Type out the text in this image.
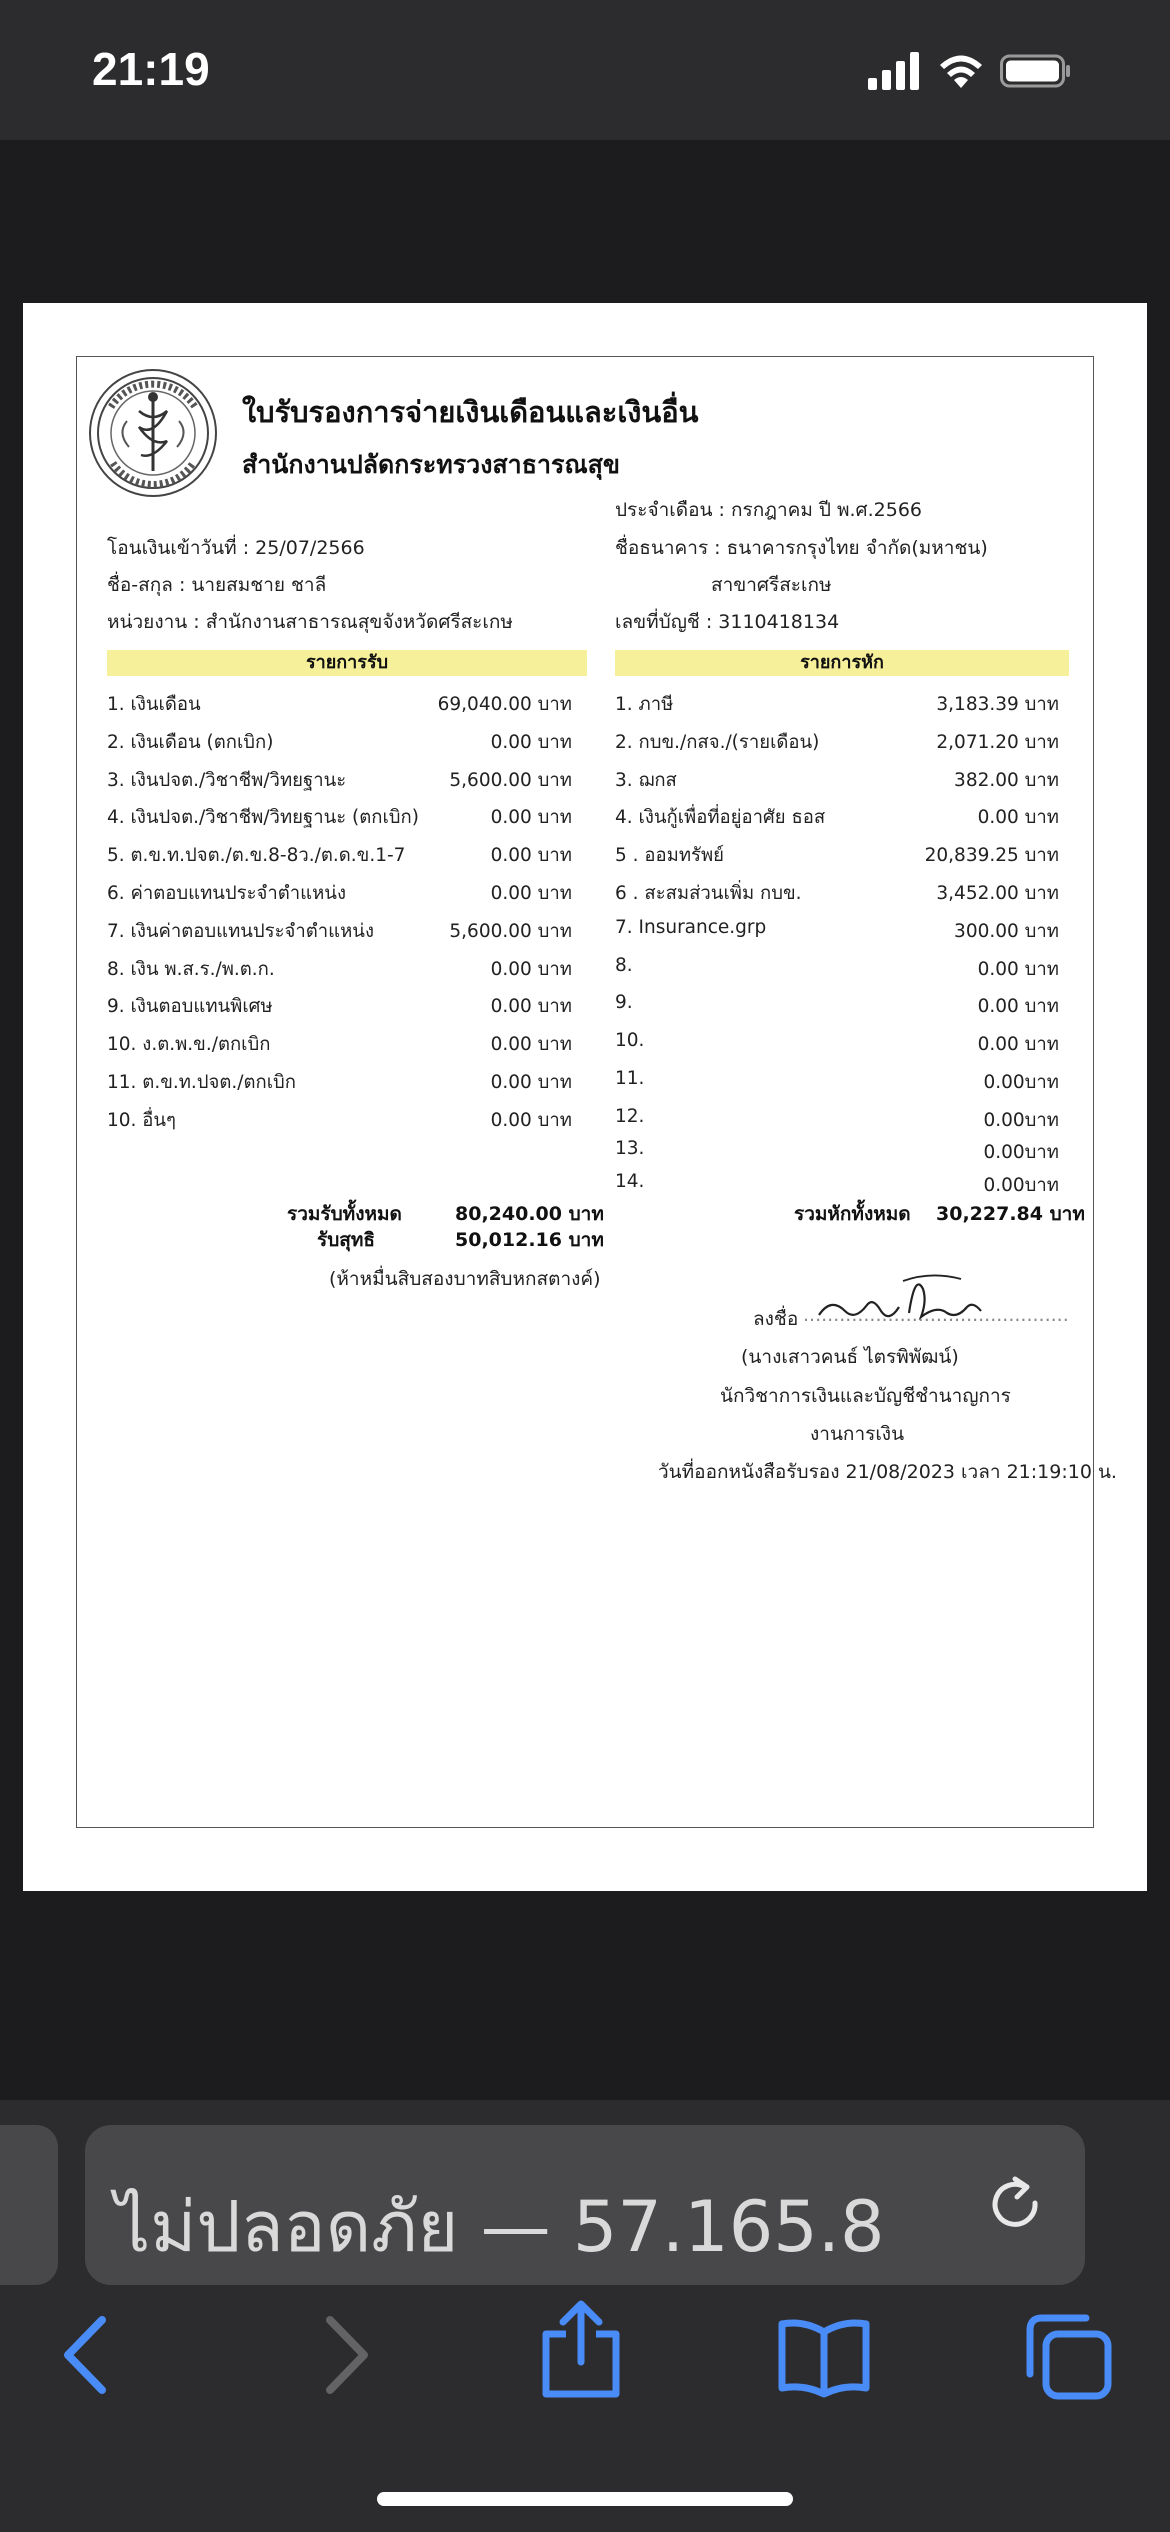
21:19
ใบรับรองการจ่ายเงินเดือนและเงินอื่น
สำนักงานปลัดกระทรวงสาธารณสุข
ประจำเดือน : กรกฎาคม ปี พ.ศ.2566
โอนเงินเข้าวันที่ : 25/07/2566	ชื่อธนาคาร : ธนาคารกรุงไทย จำกัด(มหาชน)
ชื่อ-สกุล : นายสมชาย ชาลี	สาขาศรีสะเกษ
หน่วยงาน : สำนักงานสาธารณสุขจังหวัดศรีสะเกษ	เลขที่บัญชี : 3110418134
รายการรับ	รายการหัก
1. เงินเดือน	69,040.00 บาท
2. เงินเดือน (ตกเบิก)	0.00 บาท
3. เงินปจต./วิชาชีพ/วิทยฐานะ	5,600.00 บาท
4. เงินปจต./วิชาชีพ/วิทยฐานะ (ตกเบิก)	0.00 บาท
5. ต.ข.ท.ปจต./ต.ข.8-8ว./ต.ด.ข.1-7	0.00 บาท
6. ค่าตอบแทนประจำตำแหน่ง	0.00 บาท
7. เงินค่าตอบแทนประจำตำแหน่ง	5,600.00 บาท
8. เงิน พ.ส.ร./พ.ต.ก.	0.00 บาท
9. เงินตอบแทนพิเศษ	0.00 บาท
10. ง.ต.พ.ข./ตกเบิก	0.00 บาท
11. ต.ข.ท.ปจต./ตกเบิก	0.00 บาท
10. อื่นๆ	0.00 บาท
1. ภาษี	3,183.39 บาท
2. กบข./กสจ./(รายเดือน)	2,071.20 บาท
3. ฌกส	382.00 บาท
4. เงินกู้เพื่อที่อยู่อาศัย ธอส	0.00 บาท
5 . ออมทรัพย์	20,839.25 บาท
6 . สะสมส่วนเพิ่ม กบข.	3,452.00 บาท
7. Insurance.grp	300.00 บาท
8.	0.00 บาท
9.	0.00 บาท
10.	0.00 บาท
11.	0.00บาท
12.	0.00บาท
13.	0.00บาท
14.	0.00บาท
รวมรับทั้งหมด	80,240.00 บาท
รับสุทธิ	50,012.16 บาท
(ห้าหมื่นสิบสองบาทสิบหกสตางค์)
รวมหักทั้งหมด 30,227.84 บาท
ลงชื่อ ............................................
(นางเสาวคนธ์ ไตรพิพัฒน์)
นักวิชาการเงินและบัญชีชำนาญการ
งานการเงิน
วันที่ออกหนังสือรับรอง 21/08/2023 เวลา 21:19:10 น.
ไม่ปลอดภัย — 57.165.8
